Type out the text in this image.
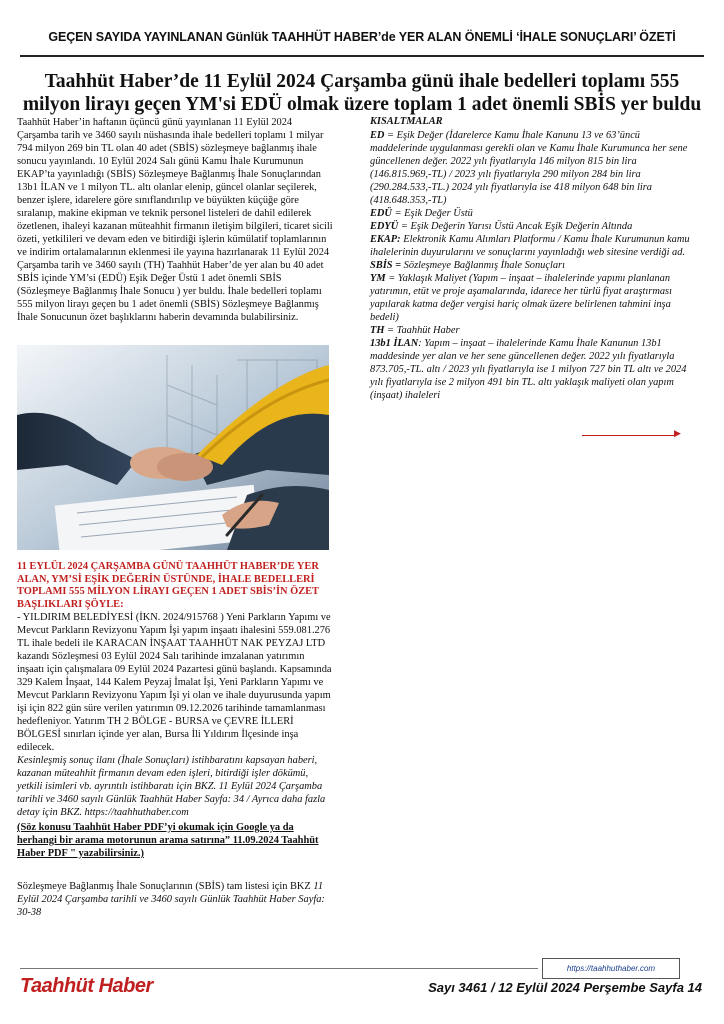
GEÇEN SAYIDA YAYINLANAN Günlük TAAHHÜT HABER’de YER ALAN ÖNEMLİ ‘İHALE SONUÇLARI’ ÖZETİ
Taahhüt Haber’de 11 Eylül 2024 Çarşamba günü ihale bedelleri toplamı 555 milyon lirayı geçen YM'si EDÜ olmak üzere toplam 1 adet önemli SBİS yer buldu

Taahhüt Haber’in haftanın üçüncü günü yayınlanan 11 Eylül 2024 Çarşamba tarih ve 3460 sayılı nüshasında ihale bedelleri toplamı 1 milyar 794 milyon 269 bin TL olan 40 adet (SBİS) sözleşmeye bağlanmış ihale sonucu yayınlandı. 10 Eylül 2024 Salı günü Kamu İhale Kurumunun EKAP’ta yayınladığı (SBİS) Sözleşmeye Bağlanmış İhale Sonuçlarından 13b1 İLAN ve 1 milyon TL. altı olanlar elenip, güncel olanlar seçilerek, benzer işlere, idarelere göre sınıflandırılıp ve büyükten küçüğe göre sıralanıp, makine ekipman ve teknik personel listeleri de dahil edilerek özetlenen, ihaleyi kazanan müteahhit firmanın iletişim bilgileri, ticaret sicili özeti, yetkilileri ve devam eden ve bitirdiği işlerin kümülatif toplamlarının ve indirim ortalamalarının eklenmesi ile yayına hazırlanarak 11 Eylül 2024 Çarşamba tarih ve 3460 sayılı (TH) Taahhüt Haber’de yer alan bu 40 adet SBİS içinde YM’si (EDÜ) Eşik Değer Üstü 1 adet önemli SBİS (Sözleşmeye Bağlanmış İhale Sonucu ) yer buldu. İhale bedelleri toplamı 555 milyon lirayı geçen bu 1 adet önemli (SBİS) Sözleşmeye Bağlanmış İhale Sonucunun özet başlıklarını haberin devamında bulabilirsiniz.

11 EYLÜL 2024 ÇARŞAMBA GÜNÜ TAAHHÜT HABER’DE YER ALAN, YM’Sİ EŞİK DEĞERİN ÜSTÜNDE, İHALE BEDELLERİ TOPLAMI 555 MİLYON LİRAYI GEÇEN 1 ADET SBİS’İN ÖZET BAŞLIKLARI ŞÖYLE:

- YILDIRIM BELEDİYESİ (İKN. 2024/915768 ) Yeni Parkların Yapımı ve Mevcut Parkların Revizyonu Yapım İşi yapım inşaatı ihalesini 559.081.276 TL ihale bedeli ile KARACAN İNŞAAT TAAHHÜT NAK PEYZAJ LTD kazandı Sözleşmesi 03 Eylül 2024 Salı tarihinde imzalanan yatırımın inşaatı için çalışmalara 09 Eylül 2024 Pazartesi günü başlandı. Kapsamında 329 Kalem İnşaat, 144 Kalem Peyzaj İmalat İşi, Yeni Parkların Yapımı ve Mevcut Parkların Revizyonu Yapım İşi yi olan ve ihale duyurusunda yapım işi için 822 gün süre verilen yatırımın 09.12.2026 tarihinde tamamlanması hedefleniyor. Yatırım TH 2 BÖLGE - BURSA ve ÇEVRE İLLERİ BÖLGESİ sınırları içinde yer alan, Bursa İli Yıldırım İlçesinde inşa edilecek.

Kesinleşmiş sonuç ilanı (İhale Sonuçları) istihbaratını kapsayan haberi, kazanan müteahhit firmanın devam eden işleri, bitirdiği işler dökümü, yetkili isimleri vb. ayrıntılı istihbaratı için BKZ. 11 Eylül 2024 Çarşamba tarihli ve 3460 sayılı Günlük Taahhüt Haber Sayfa: 34 / Ayrıca daha fazla detay için BKZ. https://taahhuthaber.com

(Söz konusu Taahhüt Haber PDF’yi okumak için Google ya da herhangi bir arama motorunun arama satırına” 11.09.2024 Taahhüt Haber PDF " yazabilirsiniz.)

Sözleşmeye Bağlanmış İhale Sonuçlarının (SBİS) tam listesi için BKZ 11 Eylül 2024 Çarşamba tarihli ve 3460 sayılı Günlük Taahhüt Haber Sayfa: 30-38

KISALTMALAR

ED = Eşik Değer (İdarelerce Kamu İhale Kanunu 13 ve 63’üncü maddelerinde uygulanması gerekli olan ve Kamu İhale Kurumunca her sene güncellenen değer. 2022 yılı fiyatlarıyla 146 milyon 815 bin lira (146.815.969,-TL) / 2023 yılı fiyatlarıyla 290 milyon 284 bin lira (290.284.533,-TL.) 2024 yılı fiyatlarıyla ise 418 milyon 648 bin lira (418.648.353,-TL)

EDÜ = Eşik Değer Üstü

EDYÜ = Eşik Değerin Yarısı Üstü Ancak Eşik Değerin Altında

EKAP: Elektronik Kamu Alımları Platformu / Kamu İhale Kurumunun kamu ihalelerinin duyurularını ve sonuçlarını yayınladığı web sitesine verdiği ad.

SBİS = Sözleşmeye Bağlanmış İhale Sonuçları

YM = Yaklaşık Maliyet (Yapım – inşaat – ihalelerinde yapımı planlanan yatırımın, etüt ve proje aşamalarında, idarece her türlü fiyat araştırması yapılarak katma değer vergisi hariç olmak üzere belirlenen tahmini inşa bedeli)

TH = Taahhüt Haber

13b1 İLAN: Yapım – inşaat – ihalelerinde Kamu İhale Kanunun 13b1 maddesinde yer alan ve her sene güncellenen değer. 2022 yılı fiyatlarıyla 873.705,-TL. altı / 2023 yılı fiyatlarıyla ise 1 milyon 727 bin TL altı ve 2024 yılı fiyatlarıyla ise 2 milyon 491 bin TL. altı yaklaşık maliyeti olan yapım (inşaat) ihaleleri

▶
https://taahhuthaber.com
Taahhüt Haber	Sayı 3461 / 12 Eylül 2024 Perşembe Sayfa 14
